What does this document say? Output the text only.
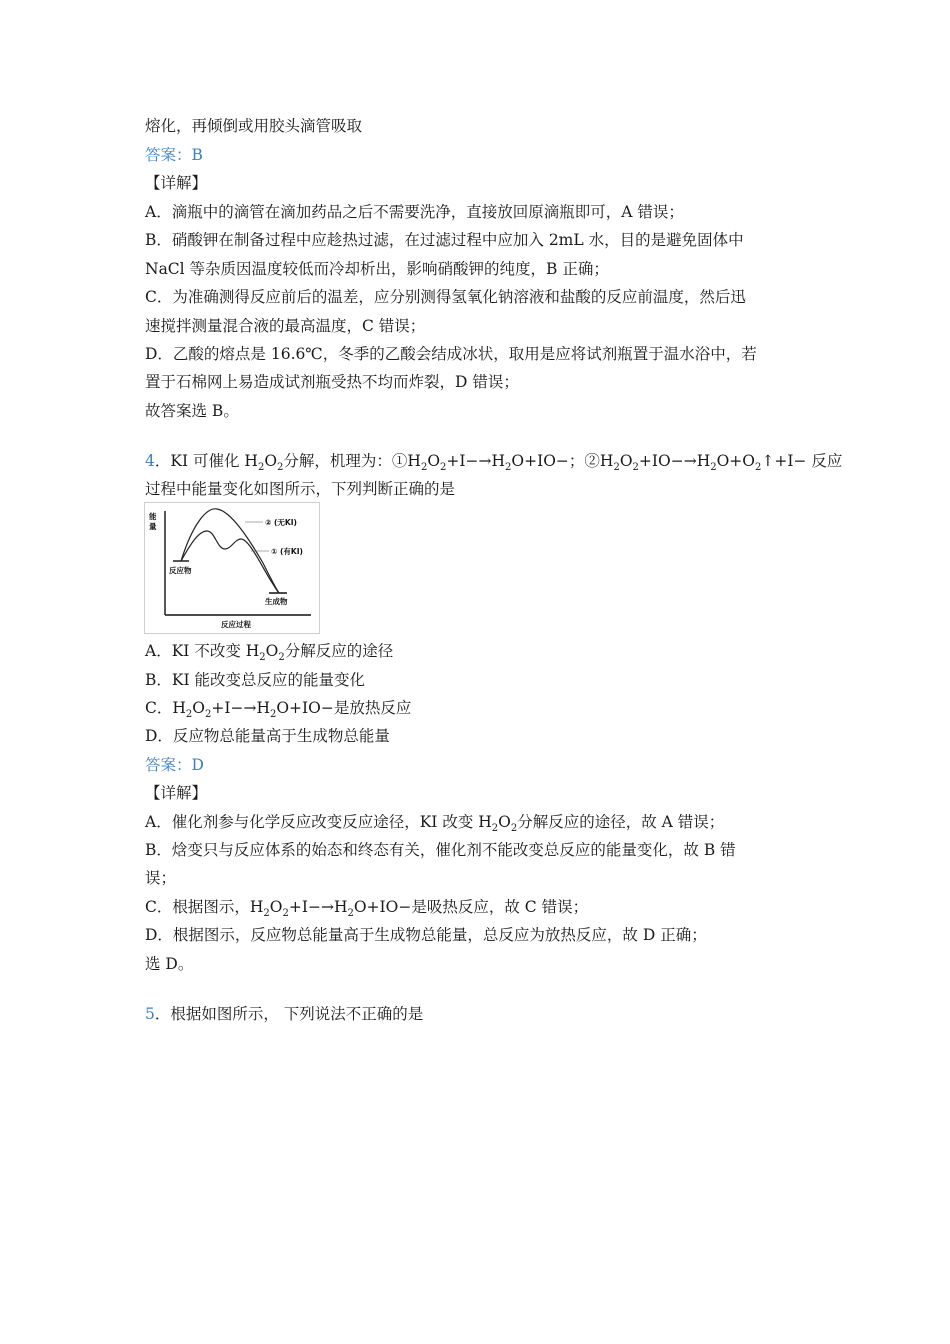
熔化，再倾倒或用胶头滴管吸取
答案：B
【详解】
A．滴瓶中的滴管在滴加药品之后不需要洗净，直接放回原滴瓶即可，A 错误；
B．硝酸钾在制备过程中应趁热过滤，在过滤过程中应加入 2mL 水，目的是避免固体中
NaCl 等杂质因温度较低而冷却析出，影响硝酸钾的纯度，B 正确；
C．为准确测得反应前后的温差，应分别测得氢氧化钠溶液和盐酸的反应前温度，然后迅
速搅拌测量混合液的最高温度，C 错误；
D．乙酸的熔点是 16.6℃，冬季的乙酸会结成冰状，取用是应将试剂瓶置于温水浴中，若
置于石棉网上易造成试剂瓶受热不均而炸裂，D 错误；
故答案选 B。
4．KI 可催化 $H_2O_2$分解，机理为：$①H_2O_2+I-\to H_2O+IO-$；$②H_2O_2+IO-\to H_2O+O_2↑+I-$ 反应
过程中能量变化如图所示，下列判断正确的是
能
量
反应过程
② (无KI)
① (有KI)
反应物
生成物
A．KI 不改变 $H_2O_2$分解反应的途径
B．KI 能改变总反应的能量变化
C．$H_2O_2+I-\to H_2O+IO-$是放热反应
D．反应物总能量高于生成物总能量
答案：D
【详解】
A．催化剂参与化学反应改变反应途径，KI 改变 $H_2O_2$分解反应的途径，故 A 错误；
B．焓变只与反应体系的始态和终态有关，催化剂不能改变总反应的能量变化，故 B 错
误；
C．根据图示，$H_2O_2+I-\to H_2O+IO-$是吸热反应，故 C 错误；
D．根据图示，反应物总能量高于生成物总能量，总反应为放热反应，故 D 正确；
选 D。
5．根据如图所示， 下列说法不正确的是
